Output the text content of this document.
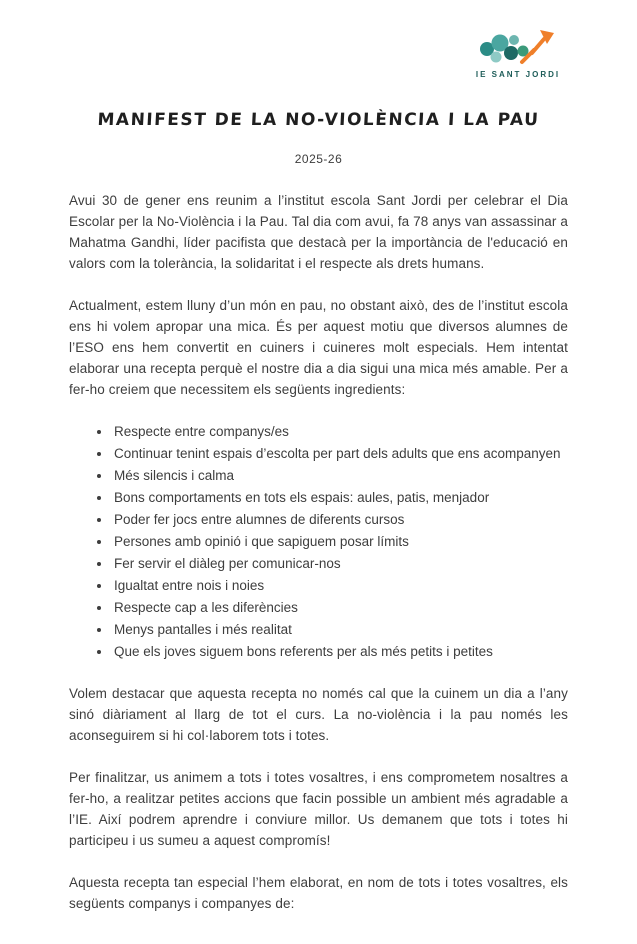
IE SANT JORDI
MANIFEST DE LA NO-VIOLÈNCIA I LA PAU
2025-26

Avui 30 de gener ens reunim a l’institut escola Sant Jordi per celebrar el Dia Escolar per la No-Violència i la Pau. Tal dia com avui, fa 78 anys van assassinar a Mahatma Gandhi, líder pacifista que destacà per la importància de l'educació en valors com la tolerància, la solidaritat i el respecte als drets humans.

Actualment, estem lluny d’un món en pau, no obstant això, des de l’institut escola ens hi volem apropar una mica. És per aquest motiu que diversos alumnes de l’ESO ens hem convertit en cuiners i cuineres molt especials. Hem intentat elaborar una recepta perquè el nostre dia a dia sigui una mica més amable. Per a fer-ho creiem que necessitem els següents ingredients:

• Respecte entre companys/es
• Continuar tenint espais d’escolta per part dels adults que ens acompanyen
• Més silencis i calma
• Bons comportaments en tots els espais: aules, patis, menjador
• Poder fer jocs entre alumnes de diferents cursos
• Persones amb opinió i que sapiguem posar límits
• Fer servir el diàleg per comunicar-nos
• Igualtat entre nois i noies
• Respecte cap a les diferències
• Menys pantalles i més realitat
• Que els joves siguem bons referents per als més petits i petites

Volem destacar que aquesta recepta no només cal que la cuinem un dia a l’any sinó diàriament al llarg de tot el curs. La no-violència i la pau només les aconseguirem si hi col·laborem tots i totes.

Per finalitzar, us animem a tots i totes vosaltres, i ens comprometem nosaltres a fer-ho, a realitzar petites accions que facin possible un ambient més agradable a l’IE. Així podrem aprendre i conviure millor. Us demanem que tots i totes hi participeu i us sumeu a aquest compromís!

Aquesta recepta tan especial l’hem elaborat, en nom de tots i totes vosaltres, els següents companys i companyes de:
